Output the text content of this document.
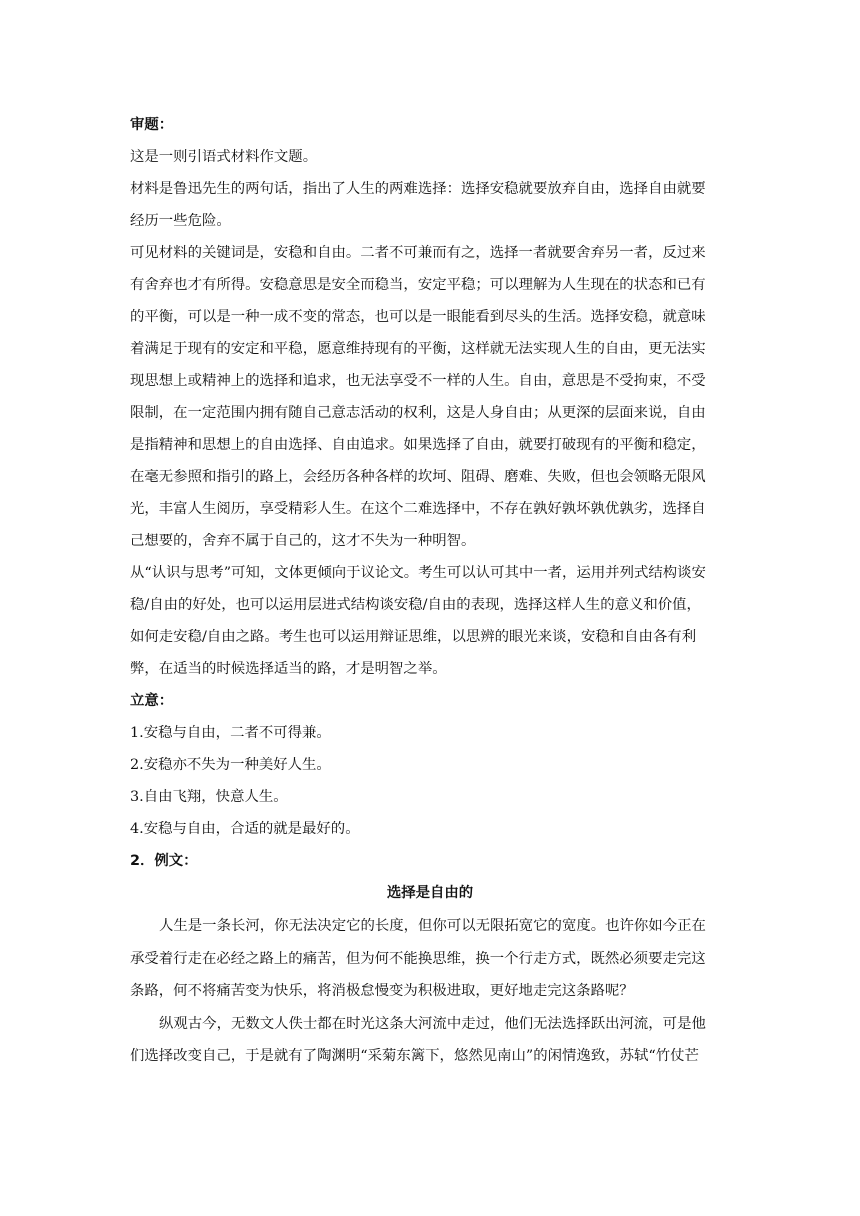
审题：

这是一则引语式材料作文题。

材料是鲁迅先生的两句话，指出了人生的两难选择：选择安稳就要放弃自由，选择自由就要

经历一些危险。

可见材料的关键词是，安稳和自由。二者不可兼而有之，选择一者就要舍弃另一者，反过来

有舍弃也才有所得。安稳意思是安全而稳当，安定平稳；可以理解为人生现在的状态和已有

的平衡，可以是一种一成不变的常态，也可以是一眼能看到尽头的生活。选择安稳，就意味

着满足于现有的安定和平稳，愿意维持现有的平衡，这样就无法实现人生的自由，更无法实

现思想上或精神上的选择和追求，也无法享受不一样的人生。自由，意思是不受拘束，不受

限制，在一定范围内拥有随自己意志活动的权利，这是人身自由；从更深的层面来说，自由

是指精神和思想上的自由选择、自由追求。如果选择了自由，就要打破现有的平衡和稳定，

在毫无参照和指引的路上，会经历各种各样的坎坷、阻碍、磨难、失败，但也会领略无限风

光，丰富人生阅历，享受精彩人生。在这个二难选择中，不存在孰好孰坏孰优孰劣，选择自

己想要的，舍弃不属于自己的，这才不失为一种明智。

从“认识与思考”可知，文体更倾向于议论文。考生可以认可其中一者，运用并列式结构谈安

稳/自由的好处，也可以运用层进式结构谈安稳/自由的表现，选择这样人生的意义和价值，

如何走安稳/自由之路。考生也可以运用辩证思维，以思辨的眼光来谈，安稳和自由各有利

弊，在适当的时候选择适当的路，才是明智之举。

立意：

1.安稳与自由，二者不可得兼。

2.安稳亦不失为一种美好人生。

3.自由飞翔，快意人生。

4.安稳与自由，合适的就是最好的。

2．例文：

选择是自由的

人生是一条长河，你无法决定它的长度，但你可以无限拓宽它的宽度。也许你如今正在

承受着行走在必经之路上的痛苦，但为何不能换思维，换一个行走方式，既然必须要走完这

条路，何不将痛苦变为快乐，将消极怠慢变为积极进取，更好地走完这条路呢？

纵观古今，无数文人佚士都在时光这条大河流中走过，他们无法选择跃出河流，可是他

们选择改变自己，于是就有了陶渊明“采菊东篱下，悠然见南山”的闲情逸致，苏轼“竹仗芒
